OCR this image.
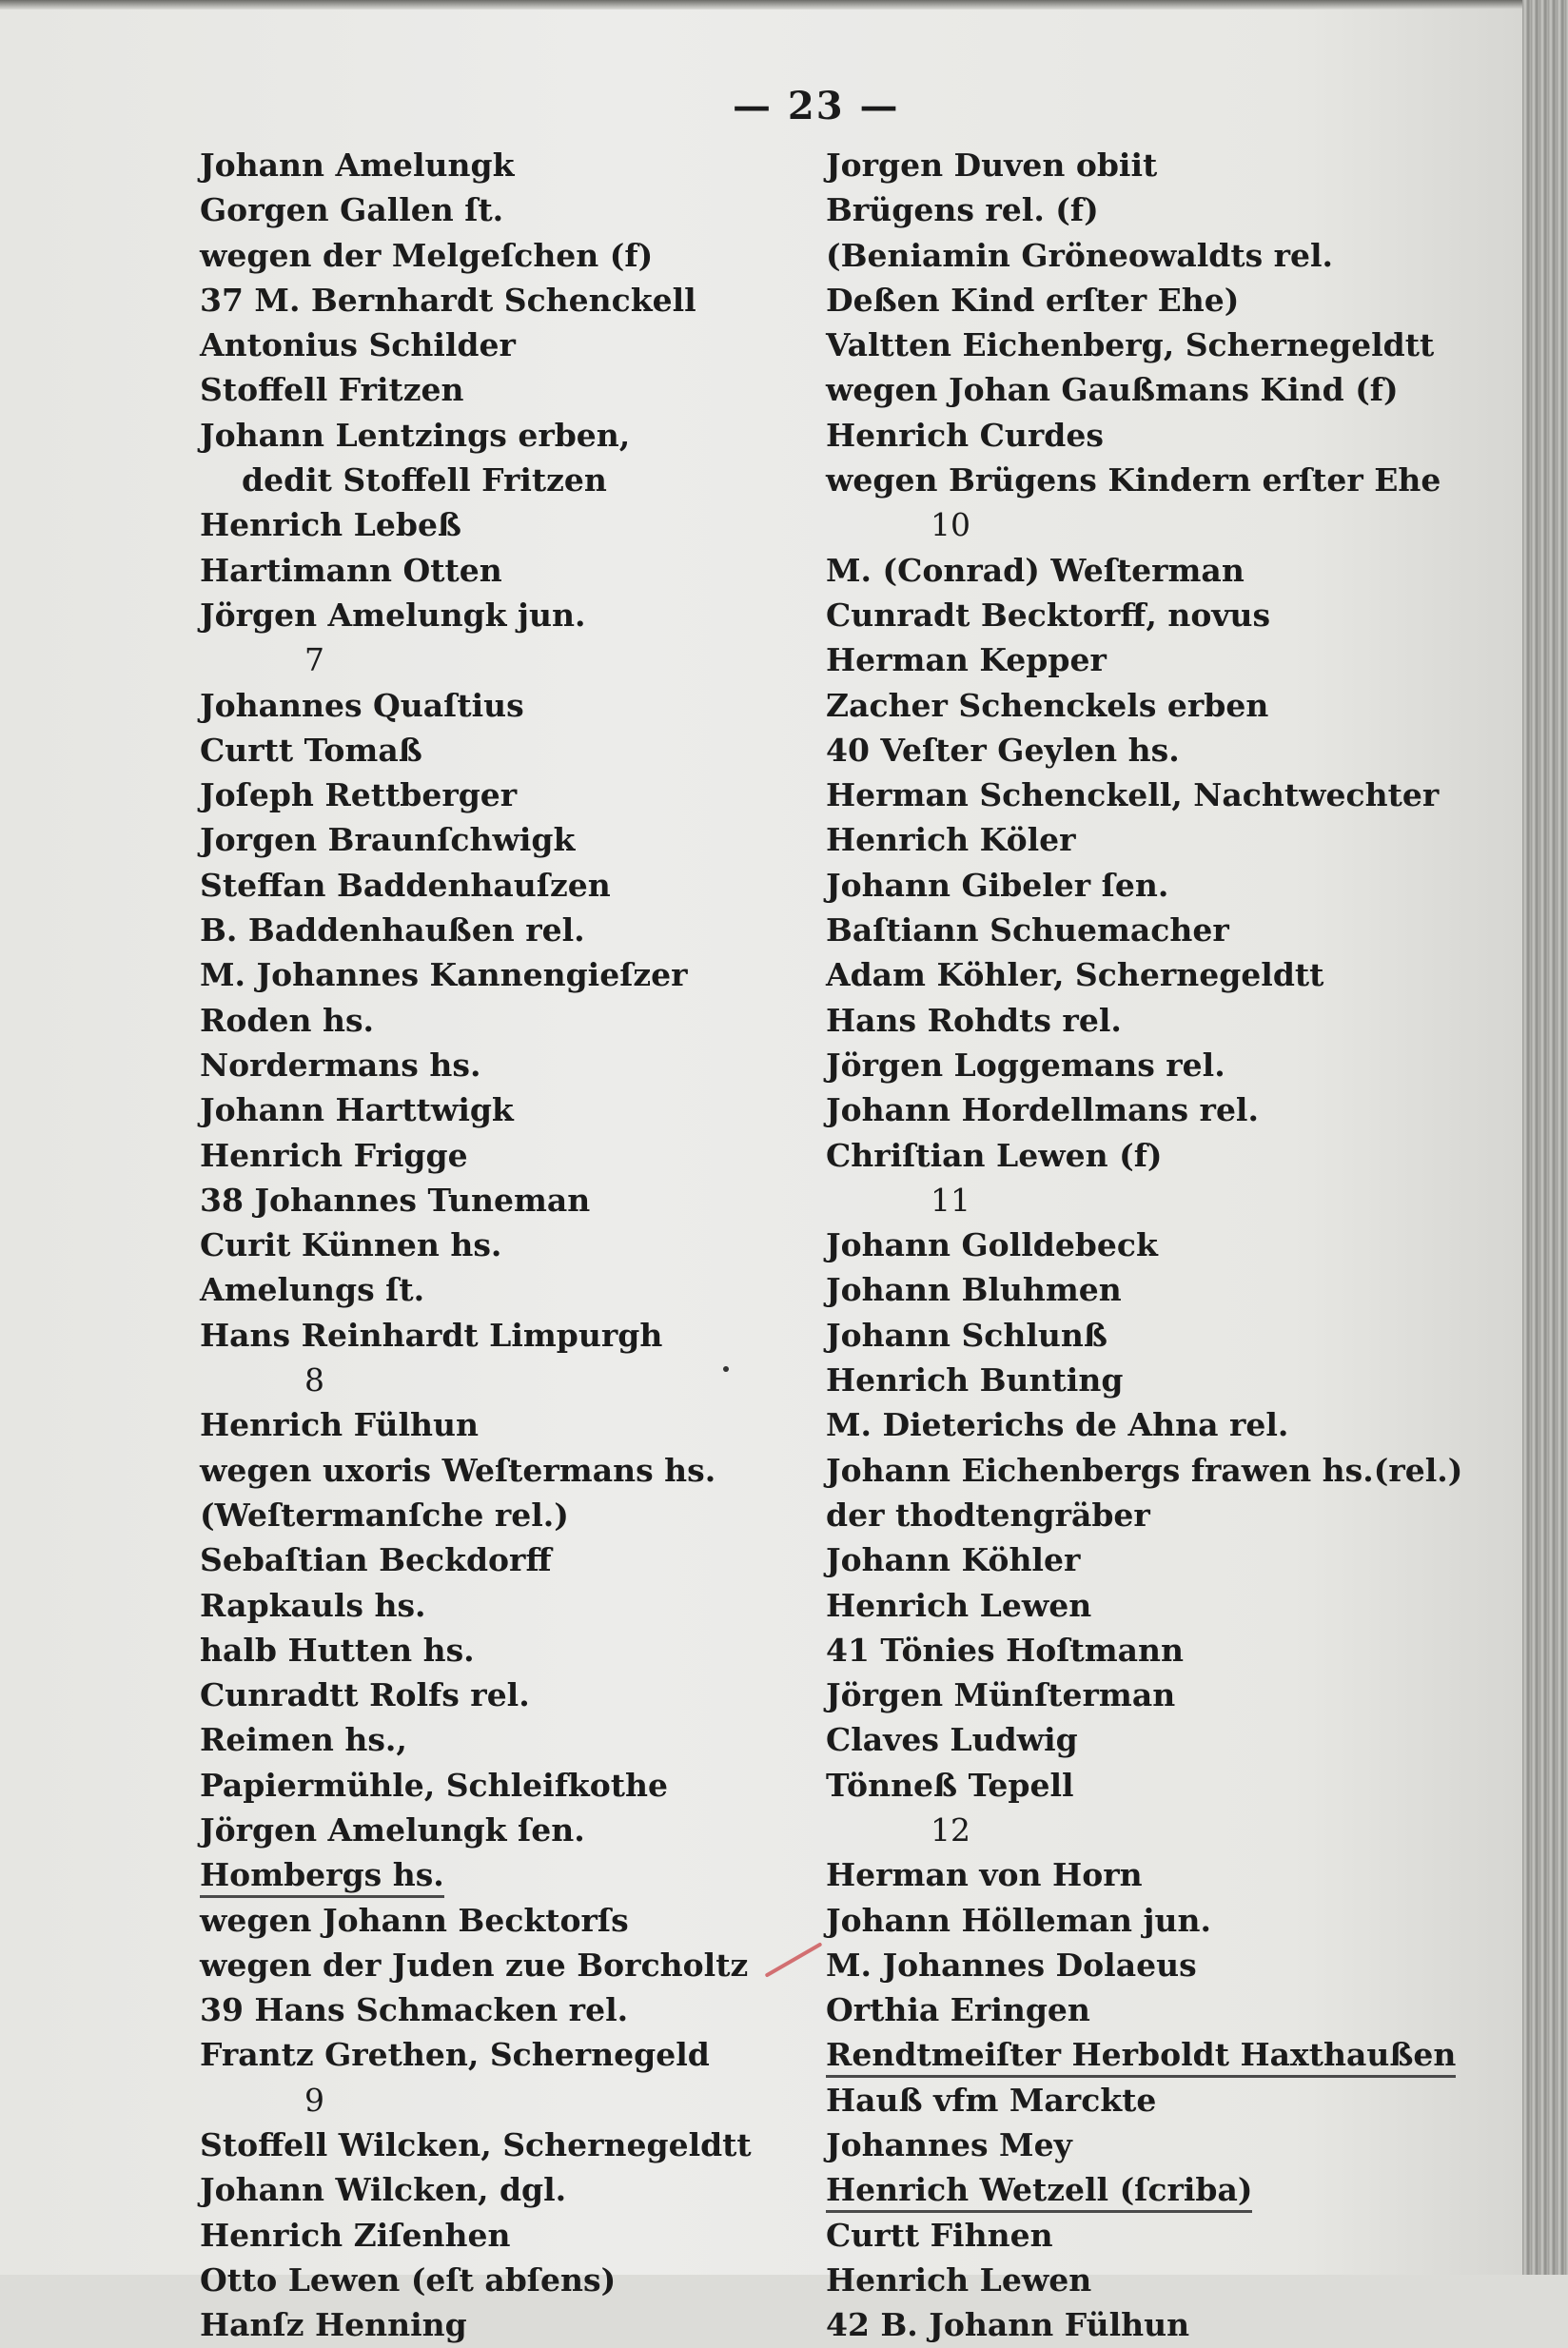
— 23 —
Johann Amelungk
Gorgen Gallen ſt.
wegen der Melgeſchen (f)
37 M. Bernhardt Schenckell
Antonius Schilder
Stoffell Fritzen
Johann Lentzings erben,
dedit Stoffell Fritzen
Henrich Lebeß
Hartimann Otten
Jörgen Amelungk jun.
7
Johannes Quaſtius
Curtt Tomaß
Joſeph Rettberger
Jorgen Braunſchwigk
Steffan Baddenhauſzen
B. Baddenhaußen rel.
M. Johannes Kannengieſzer
Roden hs.
Nordermans hs.
Johann Harttwigk
Henrich Frigge
38 Johannes Tuneman
Curit Künnen hs.
Amelungs ſt.
Hans Reinhardt Limpurgh
8
Henrich Fülhun
wegen uxoris Weſtermans hs.
(Weſtermanſche rel.)
Sebaſtian Beckdorff
Rapkauls hs.
halb Hutten hs.
Cunradtt Rolfs rel.
Reimen hs.,
Papiermühle, Schleifkothe
Jörgen Amelungk ſen.
Hombergs hs.
wegen Johann Becktorſs
wegen der Juden zue Borcholtz
39 Hans Schmacken rel.
Frantz Grethen, Schernegeld
9
Stoffell Wilcken, Schernegeldtt
Johann Wilcken, dgl.
Henrich Ziſenhen
Otto Lewen (eſt abſens)
Hanſz Henning
Jorgen Duven obiit
Brügens rel. (f)
(Beniamin Gröneowaldts rel.
Deßen Kind erſter Ehe)
Valtten Eichenberg, Schernegeldtt
wegen Johan Gaußmans Kind (f)
Henrich Curdes
wegen Brügens Kindern erſter Ehe
10
M. (Conrad) Weſterman
Cunradt Becktorff, novus
Herman Kepper
Zacher Schenckels erben
40 Veſter Geylen hs.
Herman Schenckell, Nachtwechter
Henrich Köler
Johann Gibeler ſen.
Baſtiann Schuemacher
Adam Köhler, Schernegeldtt
Hans Rohdts rel.
Jörgen Loggemans rel.
Johann Hordellmans rel.
Chriſtian Lewen (f)
11
Johann Golldebeck
Johann Bluhmen
Johann Schlunß
Henrich Bunting
M. Dieterichs de Ahna rel.
Johann Eichenbergs frawen hs.(rel.)
der thodtengräber
Johann Köhler
Henrich Lewen
41 Tönies Hoſtmann
Jörgen Münſterman
Claves Ludwig
Tönneß Tepell
12
Herman von Horn
Johann Hölleman jun.
M. Johannes Dolaeus
Orthia Eringen
Rendtmeiſter Herboldt Haxthaußen
Hauß vfm Marckte
Johannes Mey
Henrich Wetzell (ſcriba)
Curtt Fihnen
Henrich Lewen
42 B. Johann Fülhun
